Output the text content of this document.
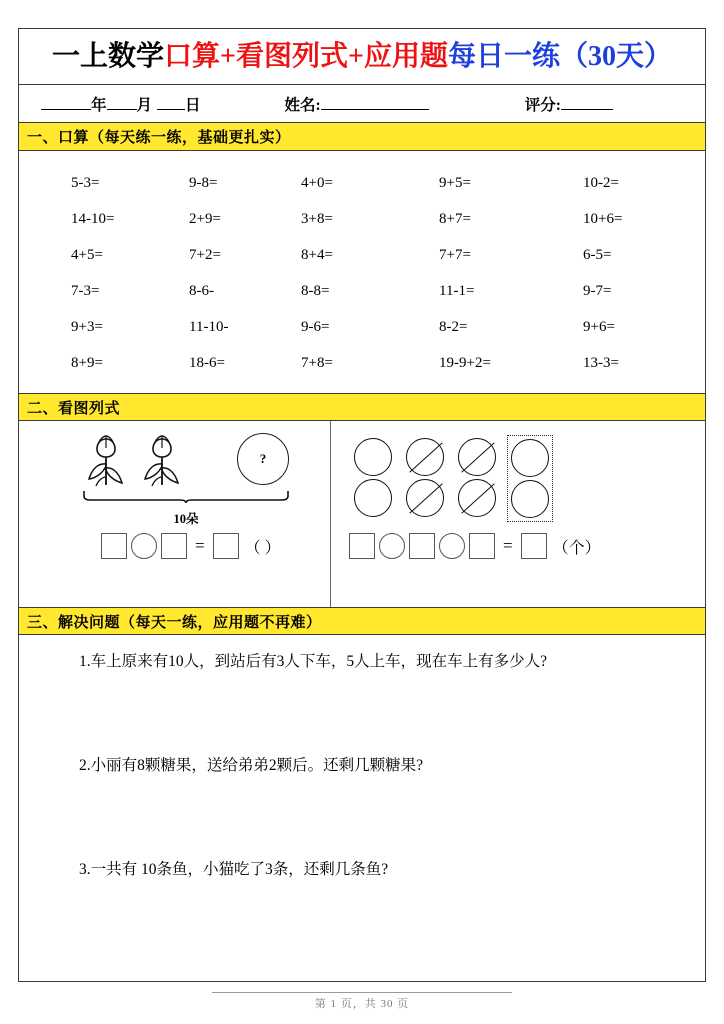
一上数学口算+看图列式+应用题每日一练（30天）
年 月 日	姓名:	评分:
一、口算（每天练一练，基础更扎实）
5-3=	9-8=	4+0=	9+5=	10-2=
14-10=	2+9=	3+8=	8+7=	10+6=
4+5=	7+2=	8+4=	7+7=	6-5=
7-3=	8-6-	8-8=	11-1=	9-7=
9+3=	11-10-	9-6=	8-2=	9+6=
8+9=	18-6=	7+8=	19-9+2=	13-3=
二、看图列式
?
10朵
=	（ ）	=	（个）
三、解决问题（每天一练，应用题不再难）
1.车上原来有10人，到站后有3人下车，5人上车，现在车上有多少人?
2.小丽有8颗糖果，送给弟弟2颗后。还剩几颗糖果?
3.一共有 10条鱼，小猫吃了3条，还剩几条鱼?
第 1 页，共 30 页
